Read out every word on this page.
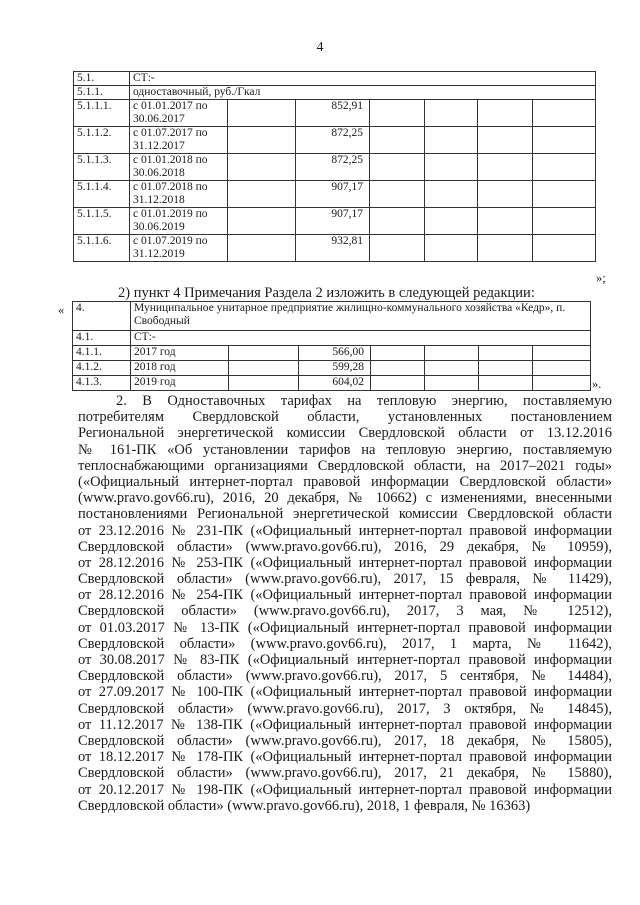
4
5.1.	СТ:-						
5.1.1.	одноставочный, руб./Гкал						
5.1.1.1.	с 01.01.2017 по 30.06.2017		852,91				
5.1.1.2.	с 01.07.2017 по 31.12.2017		872,25				
5.1.1.3.	с 01.01.2018 по 30.06.2018		872,25				
5.1.1.4.	с 01.07.2018 по 31.12.2018		907,17				
5.1.1.5.	с 01.01.2019 по 30.06.2019		907,17				
5.1.1.6.	с 01.07.2019 по 31.12.2019		932,81				
»;
2) пункт 4 Примечания Раздела 2 изложить в следующей редакции:
« 4.	Муниципальное унитарное предприятие жилищно-коммунального хозяйства «Кедр», п. Свободный						
4.1.	СТ:-						
4.1.1.	2017 год		566,00				
4.1.2.	2018 год		599,28				
4.1.3.	2019 год		604,02					».
2. В Одноставочных тарифах на тепловую энергию, поставляемую
потребителям Свердловской области, установленных постановлением
Региональной энергетической комиссии Свердловской области от 13.12.2016
№ 161-ПК «Об установлении тарифов на тепловую энергию, поставляемую
теплоснабжающими организациями Свердловской области, на 2017–2021 годы»
(«Официальный интернет-портал правовой информации Свердловской области»
(www.pravo.gov66.ru), 2016, 20 декабря, № 10662) с изменениями, внесенными
постановлениями Региональной энергетической комиссии Свердловской области
от 23.12.2016 № 231-ПК («Официальный интернет-портал правовой информации
Свердловской области» (www.pravo.gov66.ru), 2016, 29 декабря, № 10959),
от 28.12.2016 № 253-ПК («Официальный интернет-портал правовой информации
Свердловской области» (www.pravo.gov66.ru), 2017, 15 февраля, № 11429),
от 28.12.2016 № 254-ПК («Официальный интернет-портал правовой информации
Свердловской области» (www.pravo.gov66.ru), 2017, 3 мая, № 12512),
от 01.03.2017 № 13-ПК («Официальный интернет-портал правовой информации
Свердловской области» (www.pravo.gov66.ru), 2017, 1 марта, № 11642),
от 30.08.2017 № 83-ПК («Официальный интернет-портал правовой информации
Свердловской области» (www.pravo.gov66.ru), 2017, 5 сентября, № 14484),
от 27.09.2017 № 100-ПК («Официальный интернет-портал правовой информации
Свердловской области» (www.pravo.gov66.ru), 2017, 3 октября, № 14845),
от 11.12.2017 № 138-ПК («Официальный интернет-портал правовой информации
Свердловской области» (www.pravo.gov66.ru), 2017, 18 декабря, № 15805),
от 18.12.2017 № 178-ПК («Официальный интернет-портал правовой информации
Свердловской области» (www.pravo.gov66.ru), 2017, 21 декабря, № 15880),
от 20.12.2017 № 198-ПК («Официальный интернет-портал правовой информации
Свердловской области» (www.pravo.gov66.ru), 2018, 1 февраля, № 16363)
